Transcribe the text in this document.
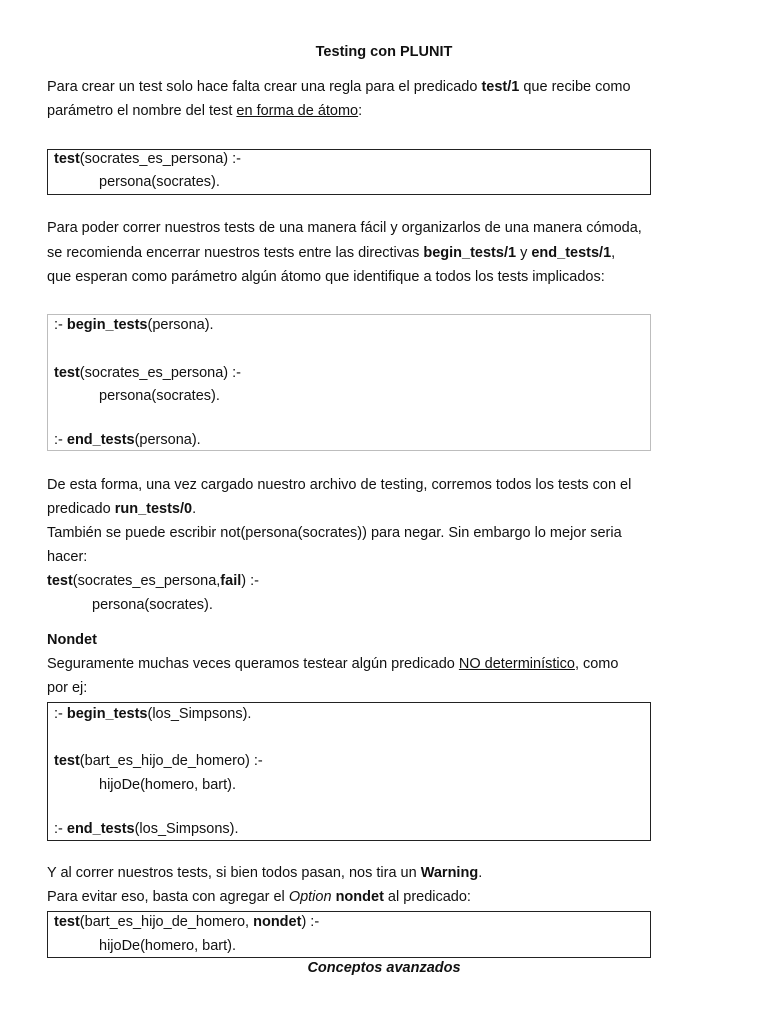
Testing con PLUNIT
Para crear un test solo hace falta crear una regla para el predicado test/1 que recibe como
parámetro el nombre del test en forma de átomo:
test(socrates_es_persona) :-
persona(socrates).
Para poder correr nuestros tests de una manera fácil y organizarlos de una manera cómoda,
se recomienda encerrar nuestros tests entre las directivas begin_tests/1 y end_tests/1,
que esperan como parámetro algún átomo que identifique a todos los tests implicados:
:- begin_tests(persona).
test(socrates_es_persona) :-
persona(socrates).
:- end_tests(persona).
De esta forma, una vez cargado nuestro archivo de testing, corremos todos los tests con el
predicado run_tests/0.
También se puede escribir not(persona(socrates)) para negar. Sin embargo lo mejor seria
hacer:
test(socrates_es_persona,fail) :-
persona(socrates).
Nondet
Seguramente muchas veces queramos testear algún predicado NO determinístico, como
por ej:
:- begin_tests(los_Simpsons).
test(bart_es_hijo_de_homero) :-
hijoDe(homero, bart).
:- end_tests(los_Simpsons).
Y al correr nuestros tests, si bien todos pasan, nos tira un Warning.
Para evitar eso, basta con agregar el Option nondet al predicado:
test(bart_es_hijo_de_homero, nondet) :-
hijoDe(homero, bart).
Conceptos avanzados
